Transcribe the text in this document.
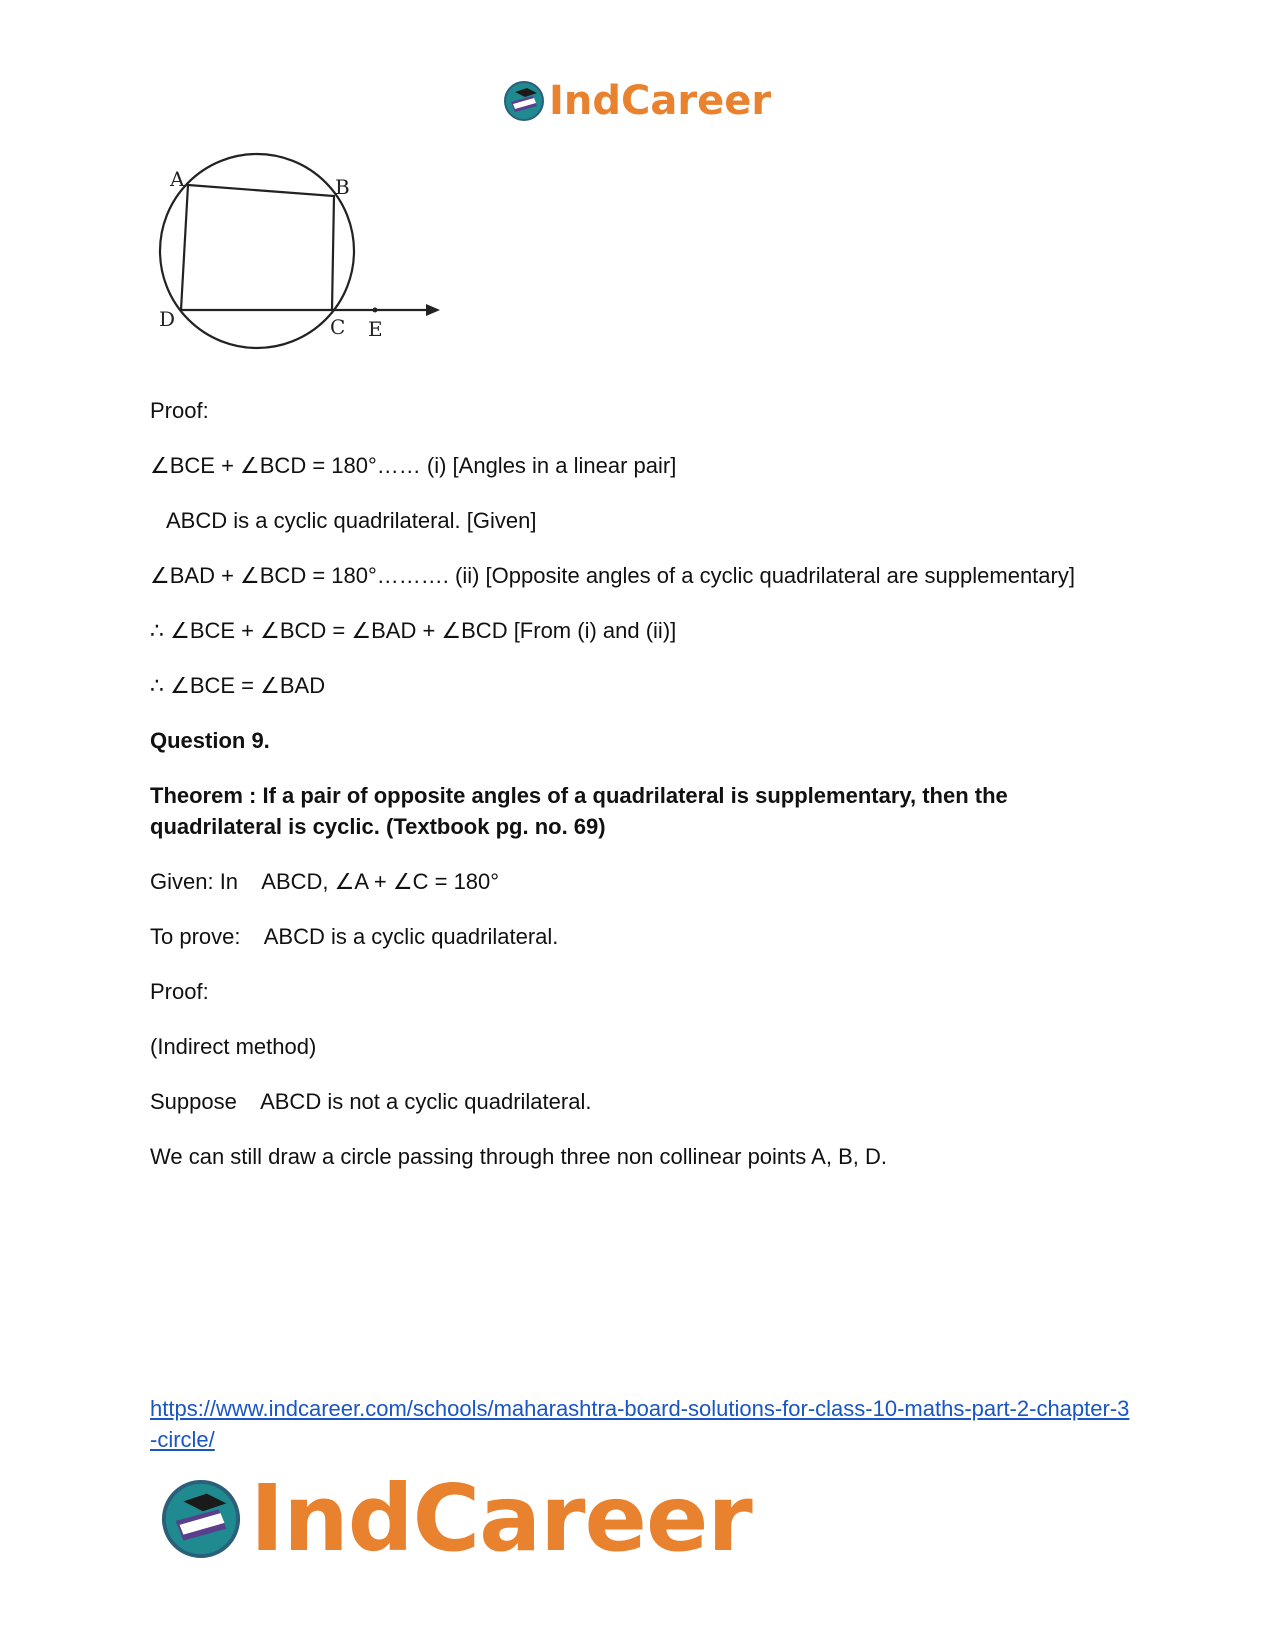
IndCareer
A	B
C
D	E
Proof:
∠BCE + ∠BCD = 180°…… (i) [Angles in a linear pair]
ABCD is a cyclic quadrilateral. [Given]
∠BAD + ∠BCD = 180°………. (ii) [Opposite angles of a cyclic quadrilateral are supplementary]
∴ ∠BCE + ∠BCD = ∠BAD + ∠BCD [From (i) and (ii)]
∴ ∠BCE = ∠BAD
Question 9.
Theorem : If a pair of opposite angles of a quadrilateral is supplementary, then the quadrilateral is cyclic. (Textbook pg. no. 69)
Given: In    ABCD, ∠A + ∠C = 180°
To prove:    ABCD is a cyclic quadrilateral.
Proof:
(Indirect method)
Suppose    ABCD is not a cyclic quadrilateral.
We can still draw a circle passing through three non collinear points A, B, D.
https://www.indcareer.com/schools/maharashtra-board-solutions-for-class-10-maths-part-2-chapter-3-circle/
IndCareer
